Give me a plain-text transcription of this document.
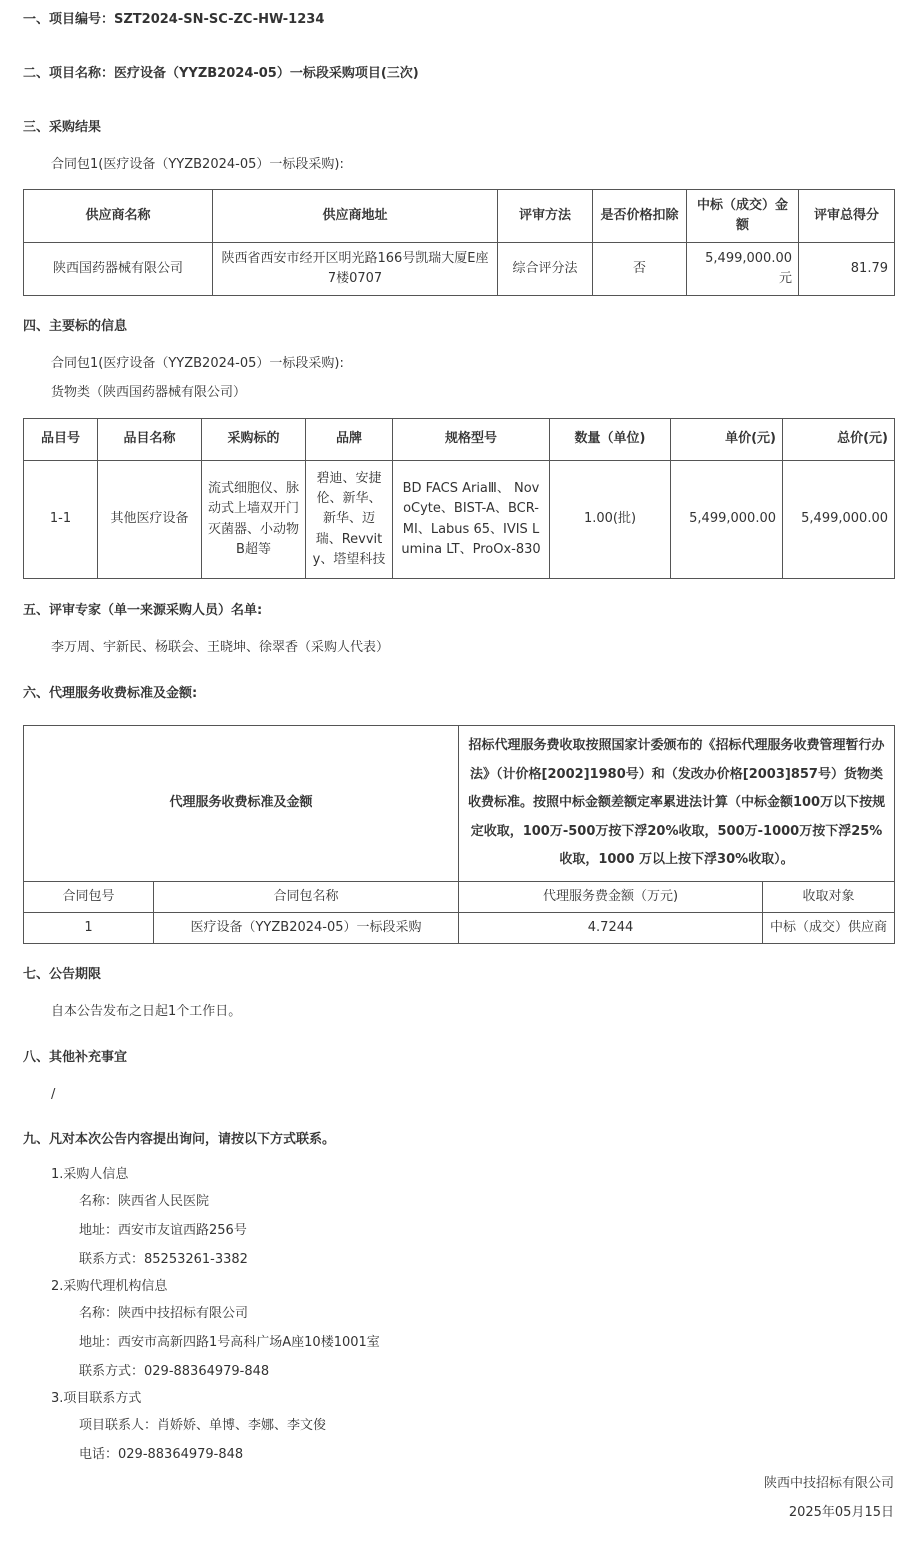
一、项目编号：SZT2024-SN-SC-ZC-HW-1234
二、项目名称：医疗设备（YYZB2024-05）一标段采购项目(三次)
三、采购结果
合同包1(医疗设备（YYZB2024-05）一标段采购):
供应商名称	供应商地址	评审方法	是否价格扣除	中标（成交）金额	评审总得分
陕西国药器械有限公司	陕西省西安市经开区明光路166号凯瑞大厦E座7楼0707	综合评分法	否	5,499,000.00元	81.79
四、主要标的信息
合同包1(医疗设备（YYZB2024-05）一标段采购):
货物类（陕西国药器械有限公司）
品目号	品目名称	采购标的	品牌	规格型号	数量（单位)	单价(元)	总价(元)
1-1	其他医疗设备	流式细胞仪、脉动式上墙双开门灭菌器、小动物B超等	碧迪、安捷伦、新华、新华、迈瑞、Revvity、塔望科技	BD FACS AriaⅢ、 NovoCyte、BIST-A、BCR-MI、Labus 65、IVIS Lumina LT、ProOx-830	1.00(批)	5,499,000.00	5,499,000.00
五、评审专家（单一来源采购人员）名单:
李万周、宇新民、杨联会、王晓坤、徐翠香（采购人代表）
六、代理服务收费标准及金额:
代理服务收费标准及金额		招标代理服务费收取按照国家计委颁布的《招标代理服务收费管理暂行办法》（计价格[2002]1980号）和（发改办价格[2003]857号）货物类收费标准。按照中标金额差额定率累进法计算（中标金额100万以下按规定收取，100万-500万按下浮20%收取，500万-1000万按下浮25%收取，1000 万以上按下浮30%收取）。	
合同包号	合同包名称	代理服务费金额（万元)	收取对象
1	医疗设备（YYZB2024-05）一标段采购	4.7244	中标（成交）供应商
七、公告期限
自本公告发布之日起1个工作日。
八、其他补充事宜
/
九、凡对本次公告内容提出询问，请按以下方式联系。
1.采购人信息
名称：陕西省人民医院
地址：西安市友谊西路256号
联系方式：85253261-3382
2.采购代理机构信息
名称：陕西中技招标有限公司
地址：西安市高新四路1号高科广场A座10楼1001室
联系方式：029-88364979-848
3.项目联系方式
项目联系人：肖娇娇、单博、李娜、李文俊
电话：029-88364979-848
陕西中技招标有限公司
2025年05月15日
